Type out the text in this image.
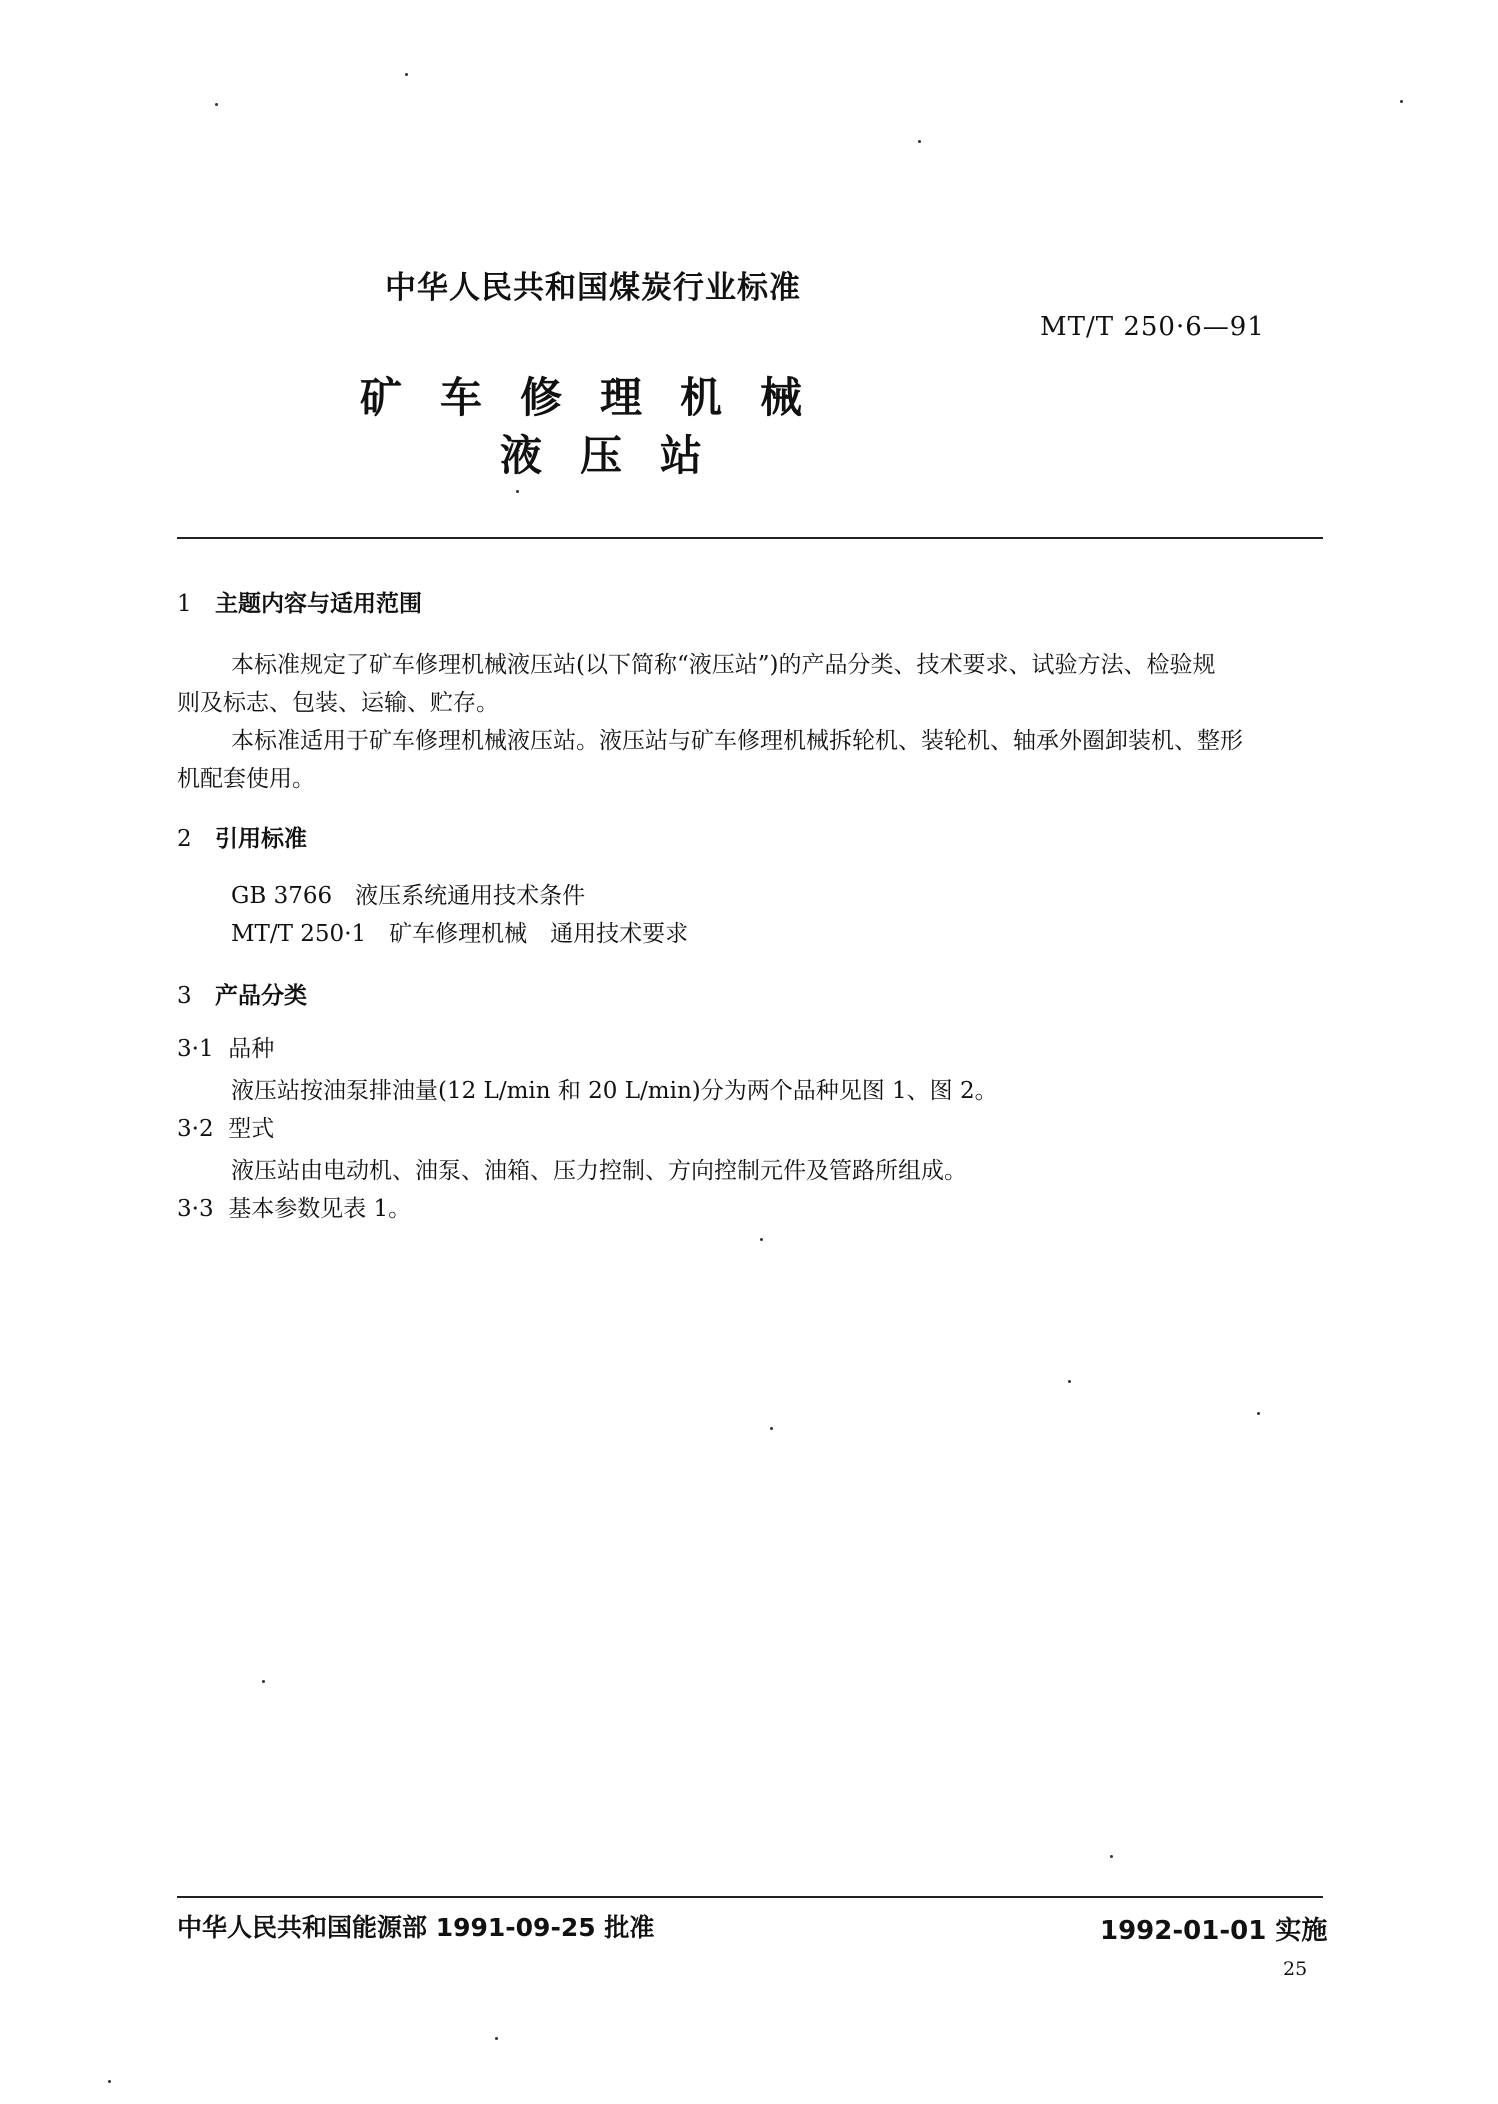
中华人民共和国煤炭行业标准
MT/T 250·6—91
矿车修理机械
液压站
1 主题内容与适用范围
本标准规定了矿车修理机械液压站(以下简称“液压站”)的产品分类、技术要求、试验方法、检验规
则及标志、包装、运输、贮存。
本标准适用于矿车修理机械液压站。液压站与矿车修理机械拆轮机、装轮机、轴承外圈卸装机、整形
机配套使用。
2 引用标准
GB 3766　液压系统通用技术条件
MT/T 250·1　矿车修理机械　通用技术要求
3 产品分类
3·1 品种
液压站按油泵排油量(12 L/min 和 20 L/min)分为两个品种见图 1、图 2。
3·2 型式
液压站由电动机、油泵、油箱、压力控制、方向控制元件及管路所组成。
3·3 基本参数见表 1。
中华人民共和国能源部 1991-09-25 批准	1992-01-01 实施
25
